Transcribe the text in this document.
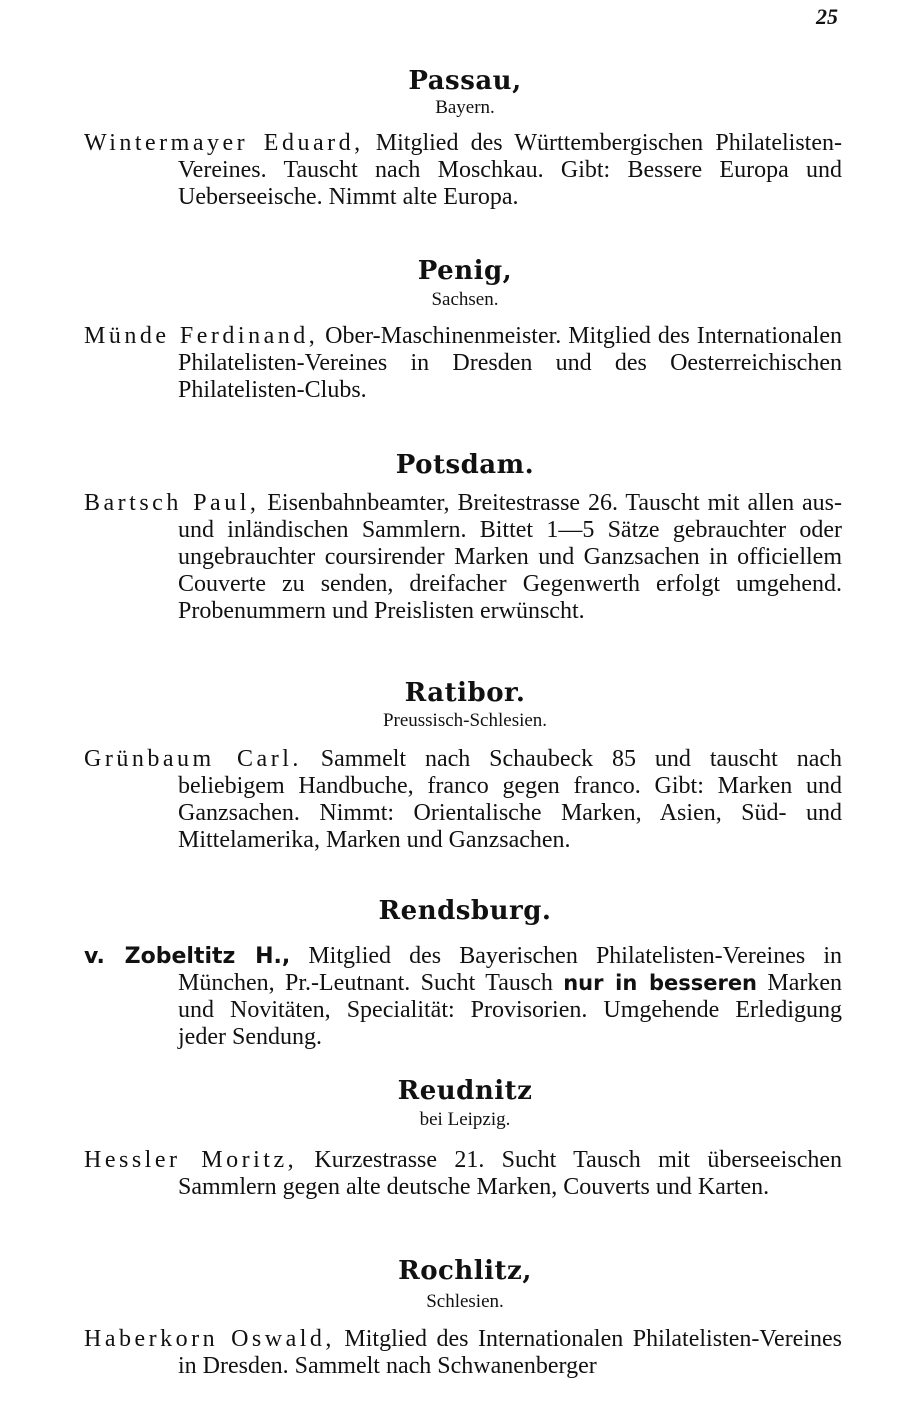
25
Passau,
Bayern.
Wintermayer Eduard, Mitglied des Württembergischen Philatelisten-Vereines. Tauscht nach Moschkau. Gibt: Bessere Europa und Ueberseeische. Nimmt alte Europa.
Penig,
Sachsen.
Münde Ferdinand, Ober-Maschinenmeister. Mitglied des Internationalen Philatelisten-Vereines in Dresden und des Oesterreichischen Philatelisten-Clubs.
Potsdam.
Bartsch Paul, Eisenbahnbeamter, Breitestrasse 26. Tauscht mit allen aus- und inländischen Sammlern. Bittet 1—5 Sätze gebrauchter oder ungebrauchter coursirender Marken und Ganzsachen in officiellem Couverte zu senden, dreifacher Gegenwerth erfolgt umgehend. Probenummern und Preislisten erwünscht.
Ratibor.
Preussisch-Schlesien.
Grünbaum Carl. Sammelt nach Schaubeck 85 und tauscht nach beliebigem Handbuche, franco gegen franco. Gibt: Marken und Ganzsachen. Nimmt: Orientalische Marken, Asien, Süd- und Mittelamerika, Marken und Ganzsachen.
Rendsburg.
v. Zobeltitz H., Mitglied des Bayerischen Philatelisten-Vereines in München, Pr.-Leutnant. Sucht Tausch nur in besseren Marken und Novitäten, Specialität: Provisorien. Umgehende Erledigung jeder Sendung.
Reudnitz
bei Leipzig.
Hessler Moritz, Kurzestrasse 21. Sucht Tausch mit überseeischen Sammlern gegen alte deutsche Marken, Couverts und Karten.
Rochlitz,
Schlesien.
Haberkorn Oswald, Mitglied des Internationalen Philatelisten-Vereines in Dresden. Sammelt nach Schwanenberger
